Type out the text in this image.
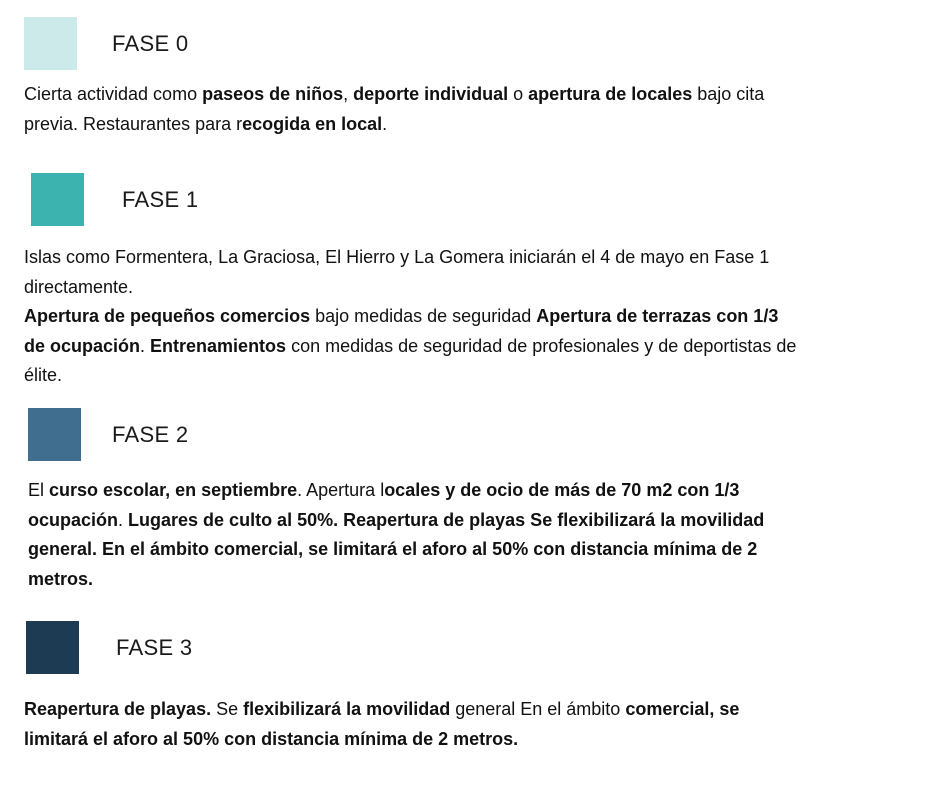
FASE 0

Cierta actividad como paseos de niños, deporte individual o apertura de locales bajo cita
previa. Restaurantes para recogida en local.

FASE 1

Islas como Formentera, La Graciosa, El Hierro y La Gomera iniciarán el 4 de mayo en Fase 1
directamente.
Apertura de pequeños comercios bajo medidas de seguridad Apertura de terrazas con 1/3
de ocupación. Entrenamientos con medidas de seguridad de profesionales y de deportistas de
élite.

FASE 2

El curso escolar, en septiembre. Apertura locales y de ocio de más de 70 m2 con 1/3
ocupación. Lugares de culto al 50%. Reapertura de playas Se flexibilizará la movilidad
general. En el ámbito comercial, se limitará el aforo al 50% con distancia mínima de 2
metros.

FASE 3

Reapertura de playas. Se flexibilizará la movilidad general En el ámbito comercial, se
limitará el aforo al 50% con distancia mínima de 2 metros.
